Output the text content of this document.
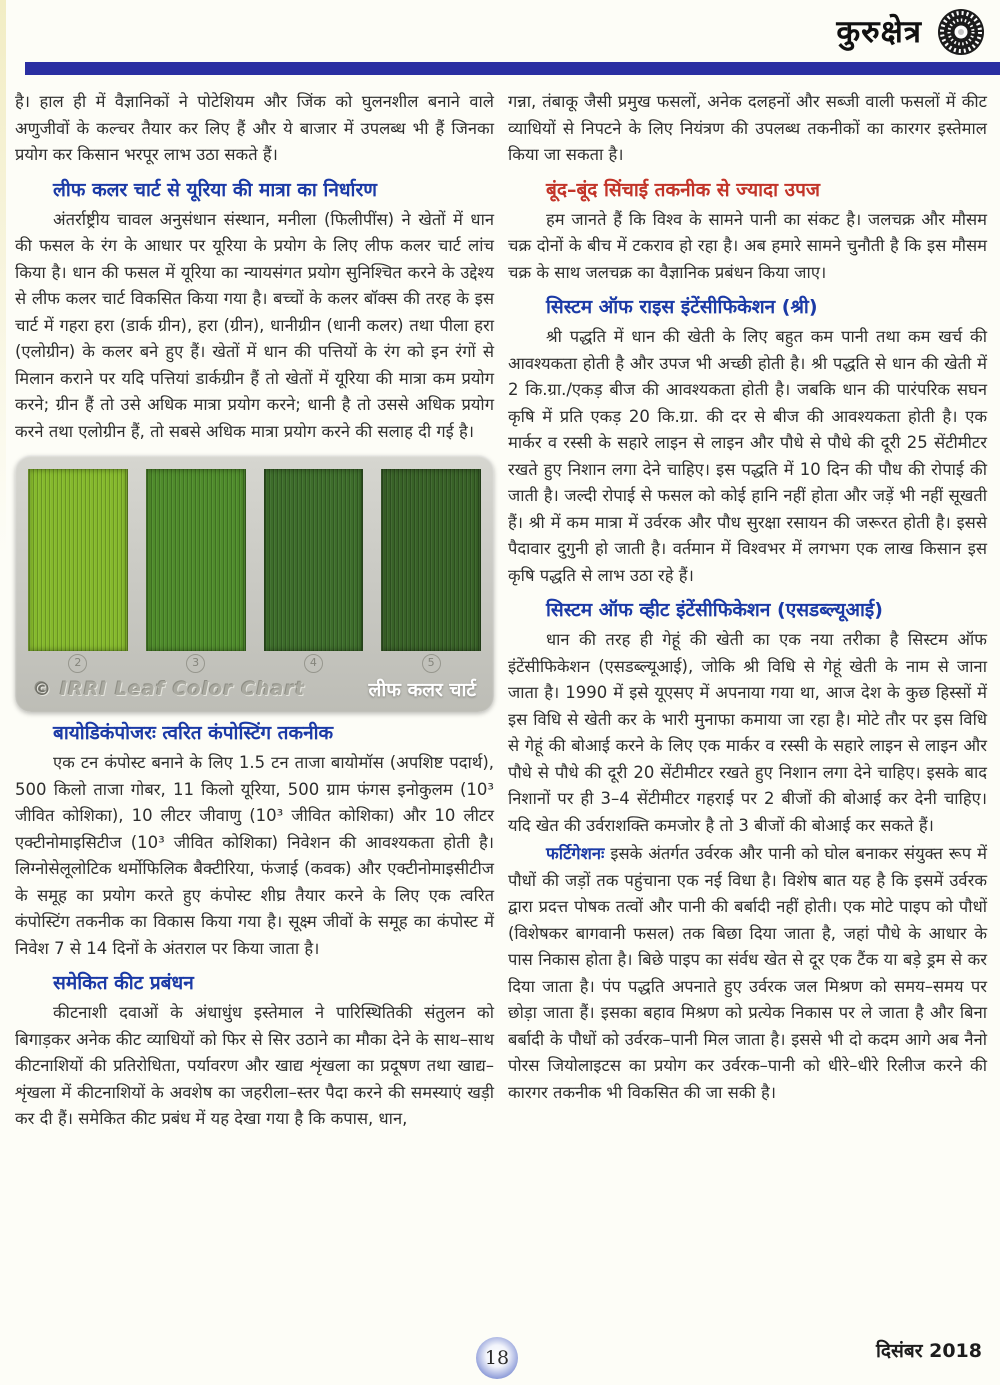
कुरुक्षेत्र

है। हाल ही में वैज्ञानिकों ने पोटेशियम और जिंक को घुलनशील बनाने वाले अणुजीवों के कल्चर तैयार कर लिए हैं और ये बाजार में उपलब्ध भी हैं जिनका प्रयोग कर किसान भरपूर लाभ उठा सकते हैं।

लीफ कलर चार्ट से यूरिया की मात्रा का निर्धारण

अंतर्राष्ट्रीय चावल अनुसंधान संस्थान, मनीला (फिलीपींस) ने खेतों में धान की फसल के रंग के आधार पर यूरिया के प्रयोग के लिए लीफ कलर चार्ट लांच किया है। धान की फसल में यूरिया का न्यायसंगत प्रयोग सुनिश्चित करने के उद्देश्य से लीफ कलर चार्ट विकसित किया गया है। बच्चों के कलर बॉक्स की तरह के इस चार्ट में गहरा हरा (डार्क ग्रीन), हरा (ग्रीन), धानीग्रीन (धानी कलर) तथा पीला हरा (एलोग्रीन) के कलर बने हुए हैं। खेतों में धान की पत्तियों के रंग को इन रंगों से मिलान कराने पर यदि पत्तियां डार्कग्रीन हैं तो खेतों में यूरिया की मात्रा कम प्रयोग करने; ग्रीन हैं तो उसे अधिक मात्रा प्रयोग करने; धानी है तो उससे अधिक प्रयोग करने तथा एलोग्रीन हैं, तो सबसे अधिक मात्रा प्रयोग करने की सलाह दी गई है।

2	3	4	5
© IRRI Leaf Color Chart	लीफ कलर चार्ट
बायोडिकंपोजरः त्वरित कंपोस्टिंग तकनीक

एक टन कंपोस्ट बनाने के लिए 1.5 टन ताजा बायोमॉस (अपशिष्ट पदार्थ), 500 किलो ताजा गोबर, 11 किलो यूरिया, 500 ग्राम फंगस इनोकुलम (10³ जीवित कोशिका), 10 लीटर जीवाणु (10³ जीवित कोशिका) और 10 लीटर एक्टीनोमाइसिटीज (10³ जीवित कोशिका) निवेशन की आवश्यकता होती है। लिग्नोसेलूलोटिक थर्मोफिलिक बैक्टीरिया, फंजाई (कवक) और एक्टीनोमाइसीटीज के समूह का प्रयोग करते हुए कंपोस्ट शीघ्र तैयार करने के लिए एक त्वरित कंपोस्टिंग तकनीक का विकास किया गया है। सूक्ष्म जीवों के समूह का कंपोस्ट में निवेश 7 से 14 दिनों के अंतराल पर किया जाता है।

समेकित कीट प्रबंधन

कीटनाशी दवाओं के अंधाधुंध इस्तेमाल ने पारिस्थितिकी संतुलन को बिगाड़कर अनेक कीट व्याधियों को फिर से सिर उठाने का मौका देने के साथ–साथ कीटनाशियों की प्रतिरोधिता, पर्यावरण और खाद्य शृंखला का प्रदूषण तथा खाद्य–शृंखला में कीटनाशियों के अवशेष का जहरीला–स्तर पैदा करने की समस्याएं खड़ी कर दी हैं। समेकित कीट प्रबंध में यह देखा गया है कि कपास, धान,

गन्ना, तंबाकू जैसी प्रमुख फसलों, अनेक दलहनों और सब्जी वाली फसलों में कीट व्याधियों से निपटने के लिए नियंत्रण की उपलब्ध तकनीकों का कारगर इस्तेमाल किया जा सकता है।

बूंद–बूंद सिंचाई तकनीक से ज्यादा उपज

हम जानते हैं कि विश्व के सामने पानी का संकट है। जलचक्र और मौसम चक्र दोनों के बीच में टकराव हो रहा है। अब हमारे सामने चुनौती है कि इस मौसम चक्र के साथ जलचक्र का वैज्ञानिक प्रबंधन किया जाए।

सिस्टम ऑफ राइस इंटेंसीफिकेशन (श्री)

श्री पद्धति में धान की खेती के लिए बहुत कम पानी तथा कम खर्च की आवश्यकता होती है और उपज भी अच्छी होती है। श्री पद्धति से धान की खेती में 2 कि.ग्रा./एकड़ बीज की आवश्यकता होती है। जबकि धान की पारंपरिक सघन कृषि में प्रति एकड़ 20 कि.ग्रा. की दर से बीज की आवश्यकता होती है। एक मार्कर व रस्सी के सहारे लाइन से लाइन और पौधे से पौधे की दूरी 25 सेंटीमीटर रखते हुए निशान लगा देने चाहिए। इस पद्धति में 10 दिन की पौध की रोपाई की जाती है। जल्दी रोपाई से फसल को कोई हानि नहीं होता और जड़ें भी नहीं सूखती हैं। श्री में कम मात्रा में उर्वरक और पौध सुरक्षा रसायन की जरूरत होती है। इससे पैदावार दुगुनी हो जाती है। वर्तमान में विश्वभर में लगभग एक लाख किसान इस कृषि पद्धति से लाभ उठा रहे हैं।

सिस्टम ऑफ व्हीट इंटेंसीफिकेशन (एसडब्ल्यूआई)

धान की तरह ही गेहूं की खेती का एक नया तरीका है सिस्टम ऑफ इंटेंसीफिकेशन (एसडब्ल्यूआई), जोकि श्री विधि से गेहूं खेती के नाम से जाना जाता है। 1990 में इसे यूएसए में अपनाया गया था, आज देश के कुछ हिस्सों में इस विधि से खेती कर के भारी मुनाफा कमाया जा रहा है। मोटे तौर पर इस विधि से गेहूं की बोआई करने के लिए एक मार्कर व रस्सी के सहारे लाइन से लाइन और पौधे से पौधे की दूरी 20 सेंटीमीटर रखते हुए निशान लगा देने चाहिए। इसके बाद निशानों पर ही 3–4 सेंटीमीटर गहराई पर 2 बीजों की बोआई कर देनी चाहिए। यदि खेत की उर्वराशक्ति कमजोर है तो 3 बीजों की बोआई कर सकते हैं।

फर्टिगेशनः इसके अंतर्गत उर्वरक और पानी को घोल बनाकर संयुक्त रूप में पौधों की जड़ों तक पहुंचाना एक नई विधा है। विशेष बात यह है कि इसमें उर्वरक द्वारा प्रदत्त पोषक तत्वों और पानी की बर्बादी नहीं होती। एक मोटे पाइप को पौधों (विशेषकर बागवानी फसल) तक बिछा दिया जाता है, जहां पौधे के आधार के पास निकास होता है। बिछे पाइप का संर्वध खेत से दूर एक टैंक या बड़े ड्रम से कर दिया जाता है। पंप पद्धति अपनाते हुए उर्वरक जल मिश्रण को समय–समय पर छोड़ा जाता हैं। इसका बहाव मिश्रण को प्रत्येक निकास पर ले जाता है और बिना बर्बादी के पौधों को उर्वरक–पानी मिल जाता है। इससे भी दो कदम आगे अब नैनो पोरस जियोलाइटस का प्रयोग कर उर्वरक–पानी को धीरे–धीरे रिलीज करने की कारगर तकनीक भी विकसित की जा सकी है।

18	दिसंबर 2018
